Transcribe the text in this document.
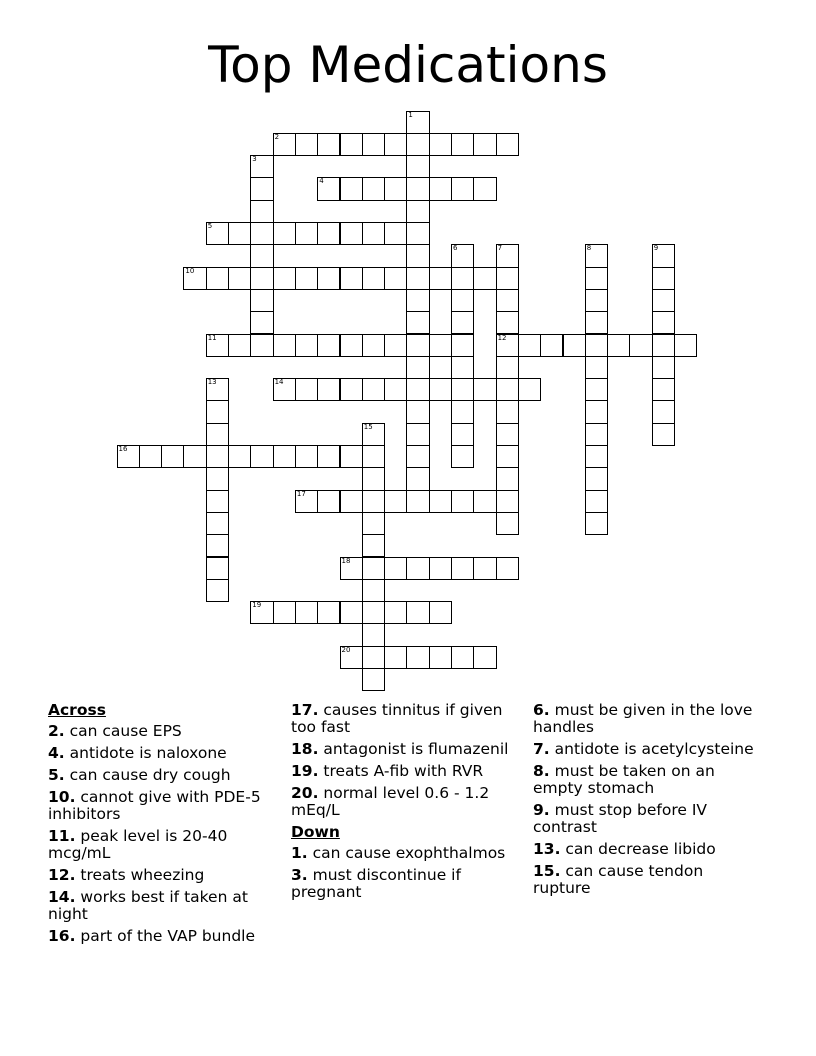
Top Medications
1
2
3
4
5
6	7
12
8	9
10
11
13	14
15
16
17
18
19
20
Across
2. can cause EPS
4. antidote is naloxone
5. can cause dry cough
10. cannot give with PDE-5 inhibitors
11. peak level is 20-40 mcg/mL
12. treats wheezing
14. works best if taken at night
16. part of the VAP bundle
17. causes tinnitus if given too fast
18. antagonist is flumazenil
19. treats A-fib with RVR
20. normal level 0.6 - 1.2 mEq/L
Down
1. can cause exophthalmos
3. must discontinue if pregnant
6. must be given in the love handles
7. antidote is acetylcysteine
8. must be taken on an empty stomach
9. must stop before IV contrast
13. can decrease libido
15. can cause tendon rupture
